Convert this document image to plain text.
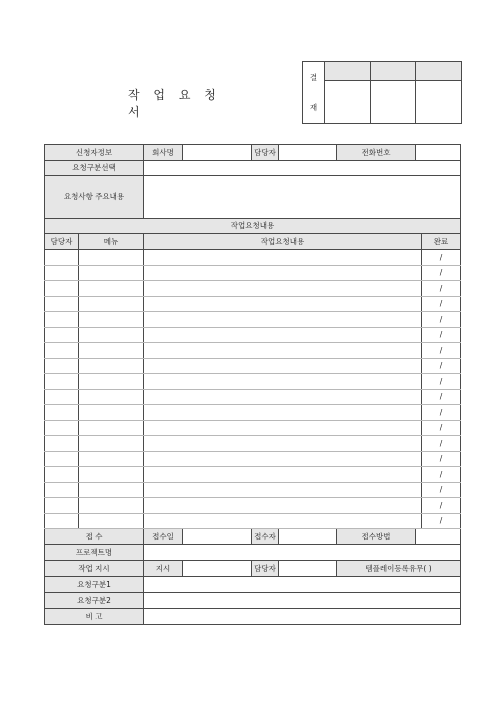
작 업 요 청 서
결
재			

신청자정보		회사명		담당자		전화번호		
요청구분선택								
요청사항 주요내용								
작업요청내용								
담당자	메뉴	작업요청내용						완료
								/
								/
								/
								/
								/
								/
								/
								/
								/
								/
								/
								/
								/
								/
								/
								/
								/
								/
접 수		접수일		접수자		접수방법		
프로젝트명								
작업 지시		지시		담당자		템플레이등록유무( )		
요청구분1								
요청구분2								
비 고								
